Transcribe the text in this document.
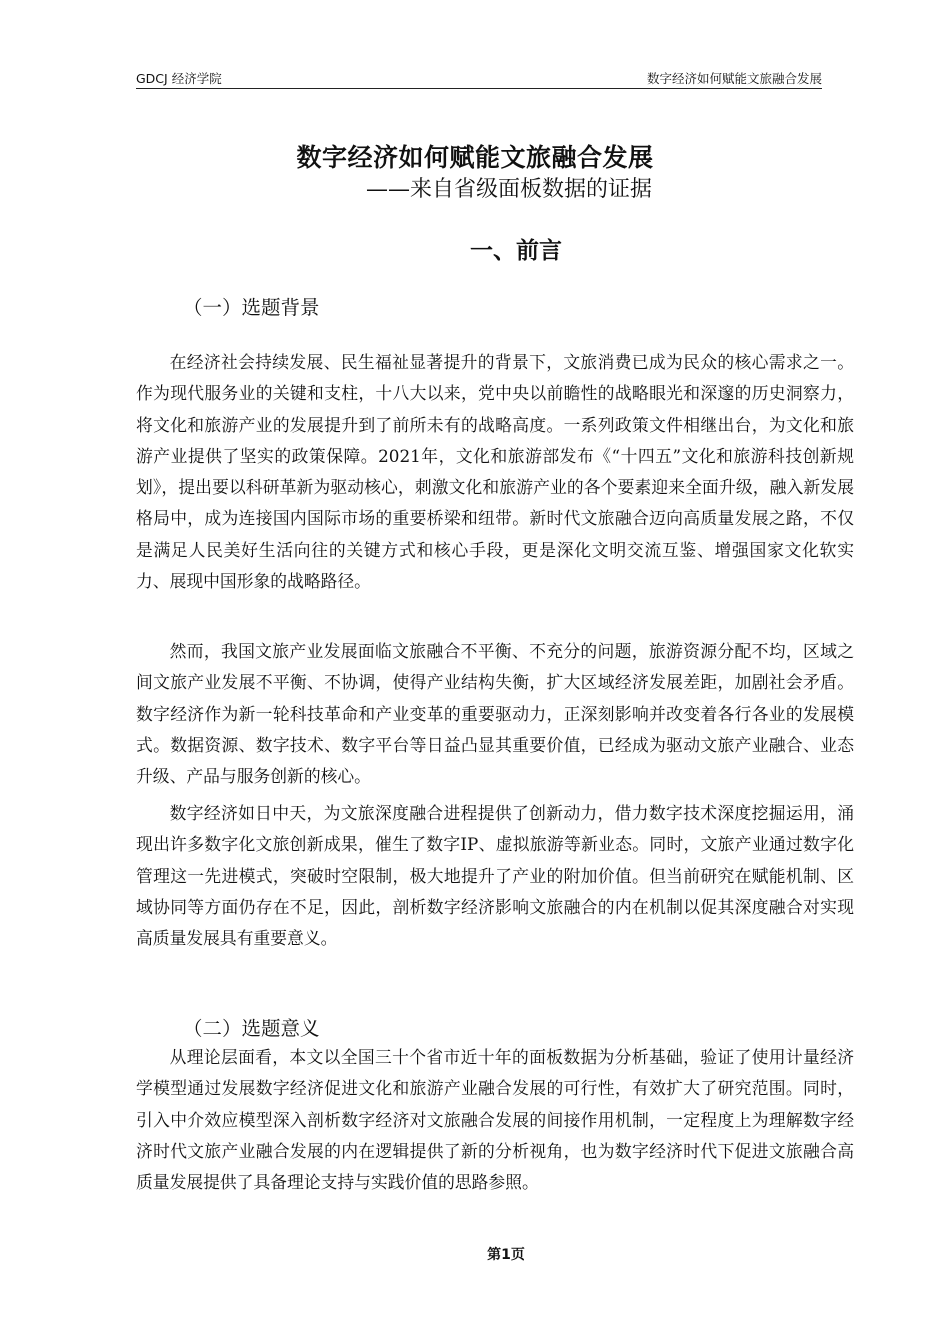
GDCJ 经济学院	数字经济如何赋能文旅融合发展
数字经济如何赋能文旅融合发展
——来自省级面板数据的证据
一、前言
（一）选题背景

在经济社会持续发展、民生福祉显著提升的背景下，文旅消费已成为民众的核心需求之一。作为现代服务业的关键和支柱，十八大以来，党中央以前瞻性的战略眼光和深邃的历史洞察力，将文化和旅游产业的发展提升到了前所未有的战略高度。一系列政策文件相继出台，为文化和旅游产业提供了坚实的政策保障。2021年，文化和旅游部发布《“十四五”文化和旅游科技创新规划》，提出要以科研革新为驱动核心，刺激文化和旅游产业的各个要素迎来全面升级，融入新发展格局中，成为连接国内国际市场的重要桥梁和纽带。新时代文旅融合迈向高质量发展之路，不仅是满足人民美好生活向往的关键方式和核心手段，更是深化文明交流互鉴、增强国家文化软实力、展现中国形象的战略路径。

然而，我国文旅产业发展面临文旅融合不平衡、不充分的问题，旅游资源分配不均，区域之间文旅产业发展不平衡、不协调，使得产业结构失衡，扩大区域经济发展差距，加剧社会矛盾。数字经济作为新一轮科技革命和产业变革的重要驱动力，正深刻影响并改变着各行各业的发展模式。数据资源、数字技术、数字平台等日益凸显其重要价值，已经成为驱动文旅产业融合、业态升级、产品与服务创新的核心。

数字经济如日中天，为文旅深度融合进程提供了创新动力，借力数字技术深度挖掘运用，涌现出许多数字化文旅创新成果，催生了数字IP、虚拟旅游等新业态。同时，文旅产业通过数字化管理这一先进模式，突破时空限制，极大地提升了产业的附加价值。但当前研究在赋能机制、区域协同等方面仍存在不足，因此，剖析数字经济影响文旅融合的内在机制以促其深度融合对实现高质量发展具有重要意义。

（二）选题意义

从理论层面看，本文以全国三十个省市近十年的面板数据为分析基础，验证了使用计量经济学模型通过发展数字经济促进文化和旅游产业融合发展的可行性，有效扩大了研究范围。同时，引入中介效应模型深入剖析数字经济对文旅融合发展的间接作用机制，一定程度上为理解数字经济时代文旅产业融合发展的内在逻辑提供了新的分析视角，也为数字经济时代下促进文旅融合高质量发展提供了具备理论支持与实践价值的思路参照。

第1页
